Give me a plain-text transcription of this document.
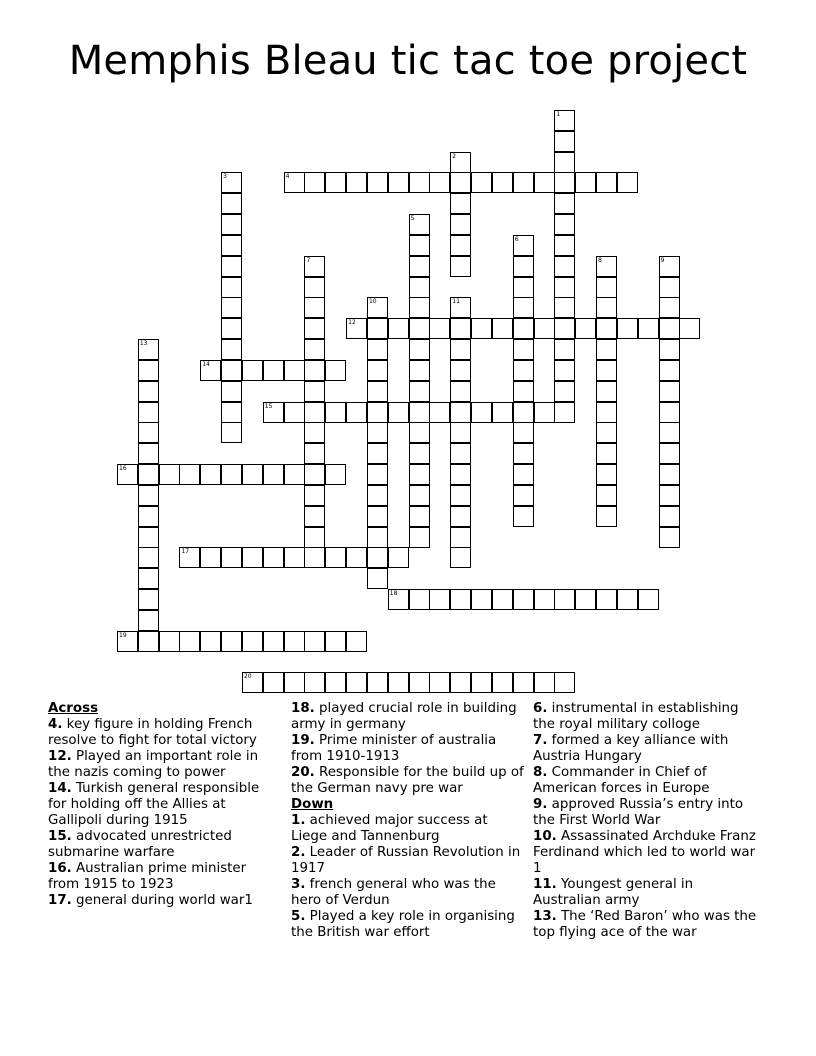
Memphis Bleau tic tac toe project
1
2
3	4
5
6
7	8	9
10	11
12
13
14
15
16
17
18
19
20
Across
4. key figure in holding French resolve to fight for total victory
12. Played an important role in the nazis coming to power
14. Turkish general responsible for holding off the Allies at Gallipoli during 1915
15. advocated unrestricted submarine warfare
16. Australian prime minister from 1915 to 1923
17. general during world war1
18. played crucial role in building army in germany
19. Prime minister of australia from 1910-1913
20. Responsible for the build up of the German navy pre war
Down
1. achieved major success at Liege and Tannenburg
2. Leader of Russian Revolution in 1917
3. french general who was the hero of Verdun
5. Played a key role in organising the British war effort
6. instrumental in establishing the royal military colloge
7. formed a key alliance with Austria Hungary
8. Commander in Chief of American forces in Europe
9. approved Russia’s entry into the First World War
10. Assassinated Archduke Franz Ferdinand which led to world war 1
11. Youngest general in Australian army
13. The ‘Red Baron’ who was the top flying ace of the war
